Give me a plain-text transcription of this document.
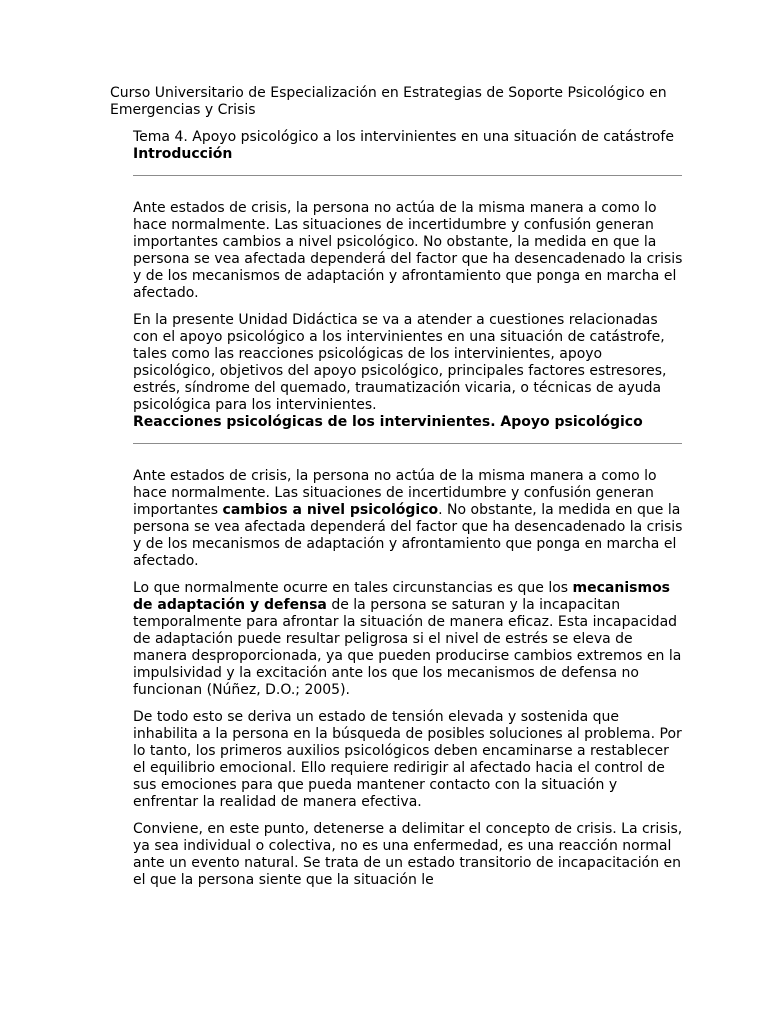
Curso Universitario de Especialización en Estrategias de Soporte Psicológico en Emergencias y Crisis
Tema 4. Apoyo psicológico a los intervinientes en una situación de catástrofe
Introducción

Ante estados de crisis, la persona no actúa de la misma manera a como lo hace normalmente. Las situaciones de incertidumbre y confusión generan importantes cambios a nivel psicológico. No obstante, la medida en que la persona se vea afectada dependerá del factor que ha desencadenado la crisis y de los mecanismos de adaptación y afrontamiento que ponga en marcha el afectado.

En la presente Unidad Didáctica se va a atender a cuestiones relacionadas con el apoyo psicológico a los intervinientes en una situación de catástrofe, tales como las reacciones psicológicas de los intervinientes, apoyo psicológico, objetivos del apoyo psicológico, principales factores estresores, estrés, síndrome del quemado, traumatización vicaria, o técnicas de ayuda psicológica para los intervinientes.

Reacciones psicológicas de los intervinientes. Apoyo psicológico

Ante estados de crisis, la persona no actúa de la misma manera a como lo hace normalmente. Las situaciones de incertidumbre y confusión generan importantes cambios a nivel psicológico. No obstante, la medida en que la persona se vea afectada dependerá del factor que ha desencadenado la crisis y de los mecanismos de adaptación y afrontamiento que ponga en marcha el afectado.

Lo que normalmente ocurre en tales circunstancias es que los mecanismos de adaptación y defensa de la persona se saturan y la incapacitan temporalmente para afrontar la situación de manera eficaz. Esta incapacidad de adaptación puede resultar peligrosa si el nivel de estrés se eleva de manera desproporcionada, ya que pueden producirse cambios extremos en la impulsividad y la excitación ante los que los mecanismos de defensa no funcionan (Núñez, D.O.; 2005).

De todo esto se deriva un estado de tensión elevada y sostenida que inhabilita a la persona en la búsqueda de posibles soluciones al problema. Por lo tanto, los primeros auxilios psicológicos deben encaminarse a restablecer el equilibrio emocional. Ello requiere redirigir al afectado hacia el control de sus emociones para que pueda mantener contacto con la situación y enfrentar la realidad de manera efectiva.

Conviene, en este punto, detenerse a delimitar el concepto de crisis. La crisis, ya sea individual o colectiva, no es una enfermedad, es una reacción normal ante un evento natural. Se trata de un estado transitorio de incapacitación en el que la persona siente que la situación le
